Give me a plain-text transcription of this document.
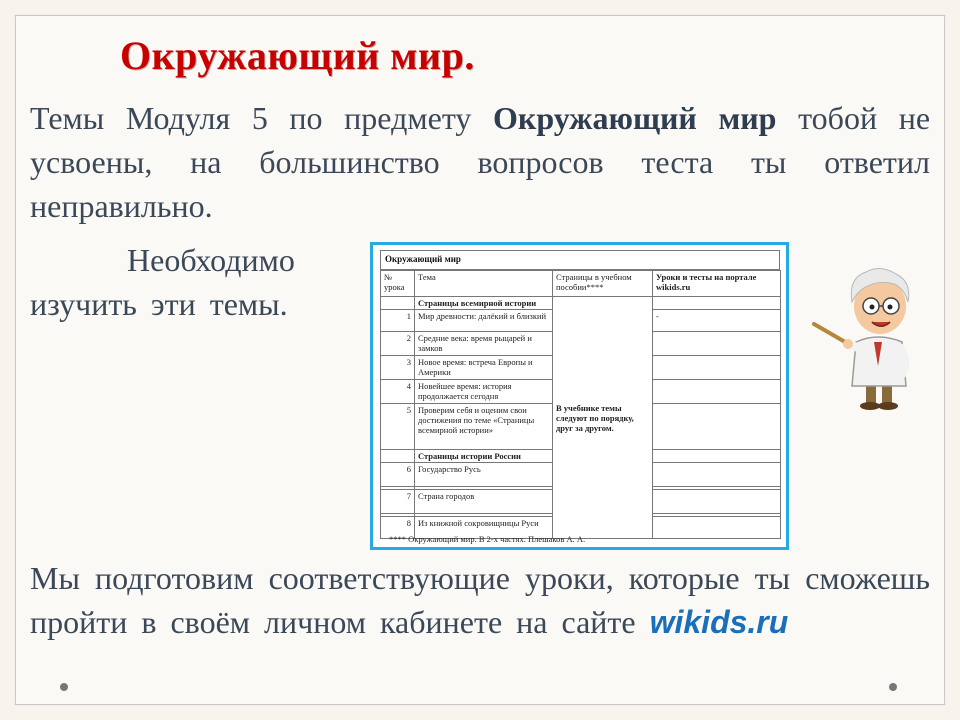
Окружающий мир.
Темы Модуля 5 по предмету Окружающий мир тобой не усвоены, на большинство вопросов теста ты ответил неправильно.
Необходимо
изучить эти темы.
Окружающий мир
№ урока	Тема	Страницы в учебном пособии****	Уроки и тесты на портале wikids.ru
	Страницы всемирной истории	В учебнике темы следуют по порядку, друг за другом.	
1	Мир древности: далёкий и близкий		-
2	Средние века: время рыцарей и замков		
3	Новое время: встреча Европы и Америки		
4	Новейшее время: история продолжается сегодня		
5	Проверим себя и оценим свои достижения по теме «Страницы всемирной истории»		
	Страницы истории России		
6	Государство Русь		

7	Страна городов		

8	Из книжной сокровищницы Руси		
**** Окружающий мир. В 2-х частях. Плешаков А. А.
Мы подготовим соответствующие уроки, которые ты сможешь пройти в своём личном кабинете на сайте wikids.ru
